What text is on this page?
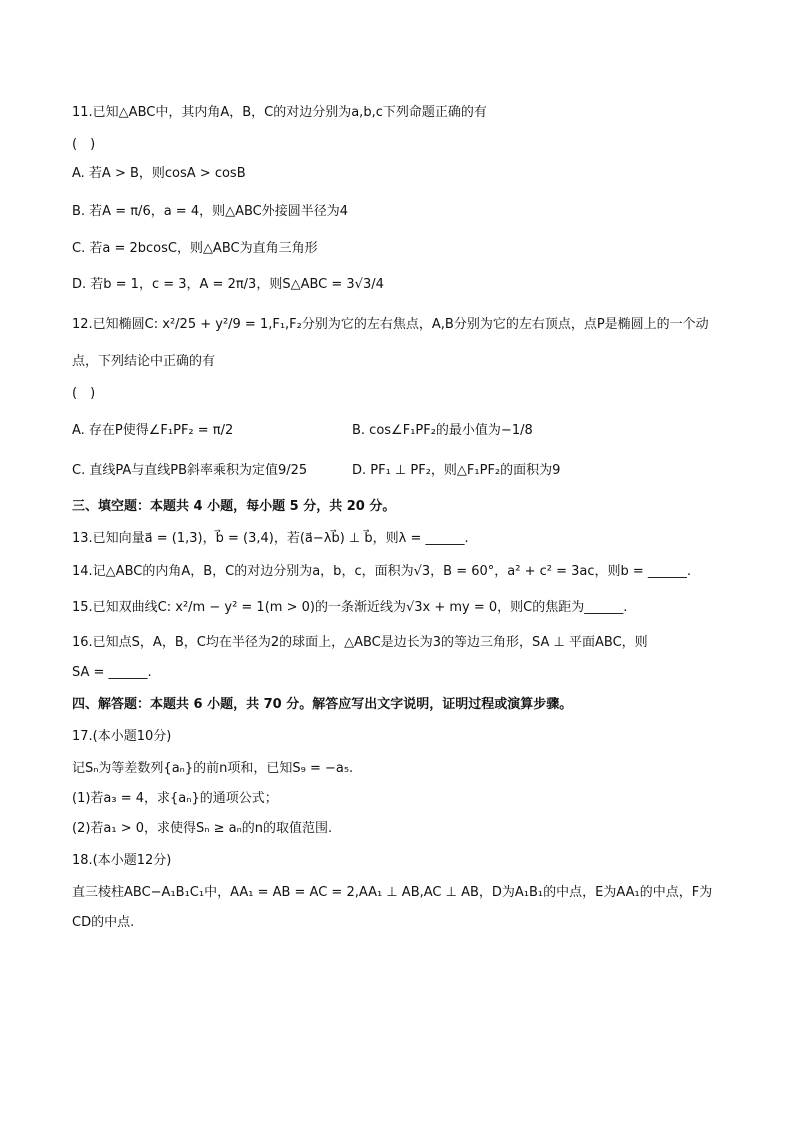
11.已知△ABC中，其内角A，B，C的对边分别为a,b,c下列命题正确的有
(　)
A. 若A > B，则cosA > cosB
B. 若A = π/6，a = 4，则△ABC外接圆半径为4
C. 若a = 2bcosC，则△ABC为直角三角形
D. 若b = 1，c = 3，A = 2π/3，则S△ABC = 3√3/4
12.已知椭圆C: x²/25 + y²/9 = 1,F₁,F₂分别为它的左右焦点，A,B分别为它的左右顶点，点P是椭圆上的一个动
点，下列结论中正确的有
(　)
A. 存在P使得∠F₁PF₂ = π/2	B. cos∠F₁PF₂的最小值为−1/8
C. 直线PA与直线PB斜率乘积为定值9/25	D. PF₁ ⊥ PF₂，则△F₁PF₂的面积为9
三、填空题：本题共 4 小题，每小题 5 分，共 20 分。
13.已知向量a⃗ = (1,3)，b⃗ = (3,4)，若(a⃗−λb⃗) ⊥ b⃗，则λ = ______.
14.记△ABC的内角A，B，C的对边分别为a，b，c，面积为√3，B = 60°，a² + c² = 3ac，则b = ______.
15.已知双曲线C: x²/m − y² = 1(m > 0)的一条渐近线为√3x + my = 0，则C的焦距为______.
16.已知点S，A，B，C均在半径为2的球面上，△ABC是边长为3的等边三角形，SA ⊥ 平面ABC，则
SA = ______.
四、解答题：本题共 6 小题，共 70 分。解答应写出文字说明，证明过程或演算步骤。
17.(本小题10分)
记Sₙ为等差数列{aₙ}的前n项和，已知S₉ = −a₅.
(1)若a₃ = 4，求{aₙ}的通项公式；
(2)若a₁ > 0，求使得Sₙ ≥ aₙ的n的取值范围.
18.(本小题12分)
直三棱柱ABC−A₁B₁C₁中，AA₁ = AB = AC = 2,AA₁ ⊥ AB,AC ⊥ AB，D为A₁B₁的中点，E为AA₁的中点，F为
CD的中点.
